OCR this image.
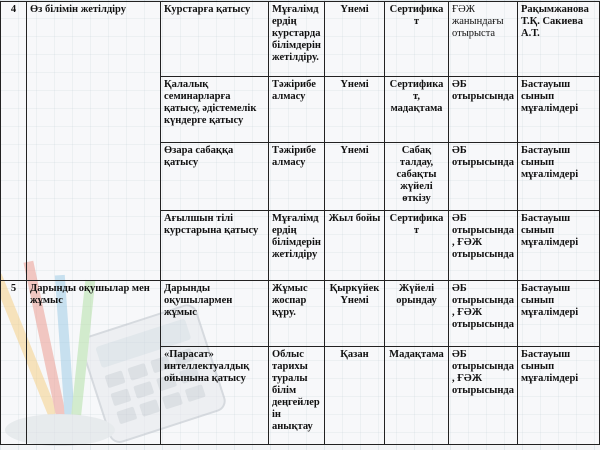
4	Өз білімін жетілдіру	Курстарға қатысу	Мұғалімдердің курстарда білімдерін жетілдіру.	Үнемі	Сертификат	ҒӘЖ жанындағы отырыста	Рақымжанова Т.Қ. Сакиева А.Т.
		Қалалық семинарларға қатысу, әдістемелік күндерге қатысу	Тәжірибе алмасу	Үнемі	Сертификат, мадақтама	ӘБ отырысында	Бастауыш сынып мұғалімдері
		Өзара сабаққа қатысу	Тәжірибе алмасу	Үнемі	Сабақ талдау, сабақты жүйелі өткізу	ӘБ отырысында	Бастауыш сынып мұғалімдері
		Ағылшын тілі курстарына қатысу	Мұғалімдердің білімдерін жетілдіру	Жыл бойы	Сертификат	ӘБ отырысында, ҒӘЖ отырысында	Бастауыш сынып мұғалімдері
5	Дарынды оқушылар мен жұмыс	Дарынды оқушылармен жұмыс	Жұмыс жоспар құру.	Қыркүйек Үнемі	Жүйелі орындау	ӘБ отырысында, ҒӘЖ отырысында	Бастауыш сынып мұғалімдері
		«Парасат» интеллектуалдық ойынына қатысу	Облыс тарихы туралы білім деңгейлерін анықтау	Қазан	Мадақтама	ӘБ отырысында, ҒӘЖ отырысында	Бастауыш сынып мұғалімдері
